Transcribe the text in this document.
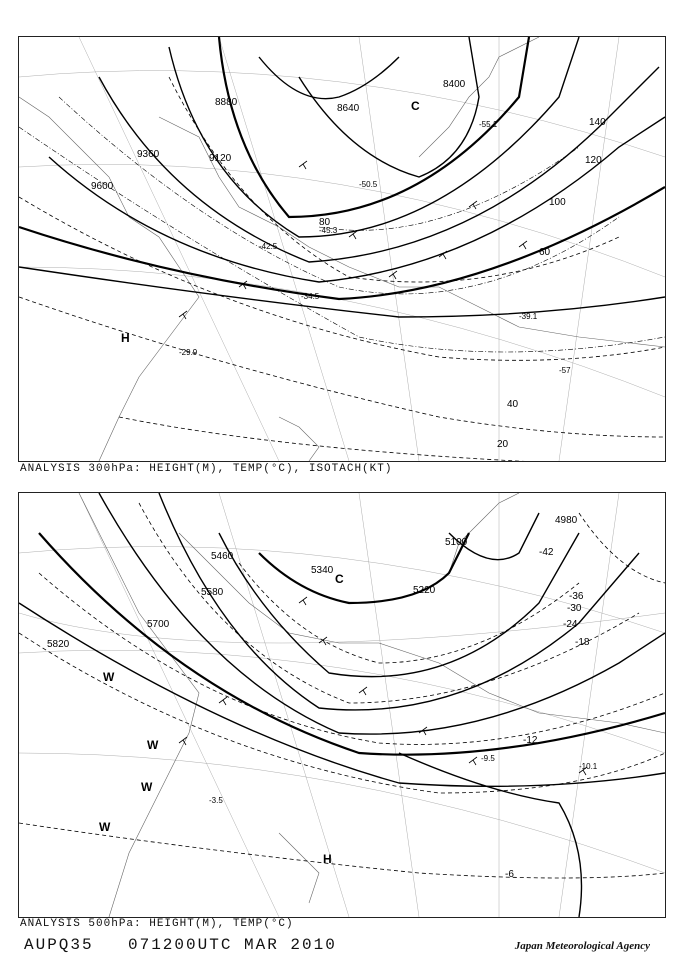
9600
9360	9120
8880
8640
8400
20
40
60
80
100
120
140
-29.9
-34.5
-39.1
-42.5
-45.3
-50.5
-55.1
-57
H
C
ANALYSIS 300hPa: HEIGHT(M), TEMP(°C), ISOTACH(KT)
5820
5700
5580
5460
5340
5220
5100
4980
-6
-12
-18
-24
-30
-36
-42
-9.5
-10.1
-3.5
H
C
W
W
W
W
ANALYSIS 500hPa: HEIGHT(M), TEMP(°C)
AUPQ35 071200UTC MAR 2010	Japan Meteorological Agency
